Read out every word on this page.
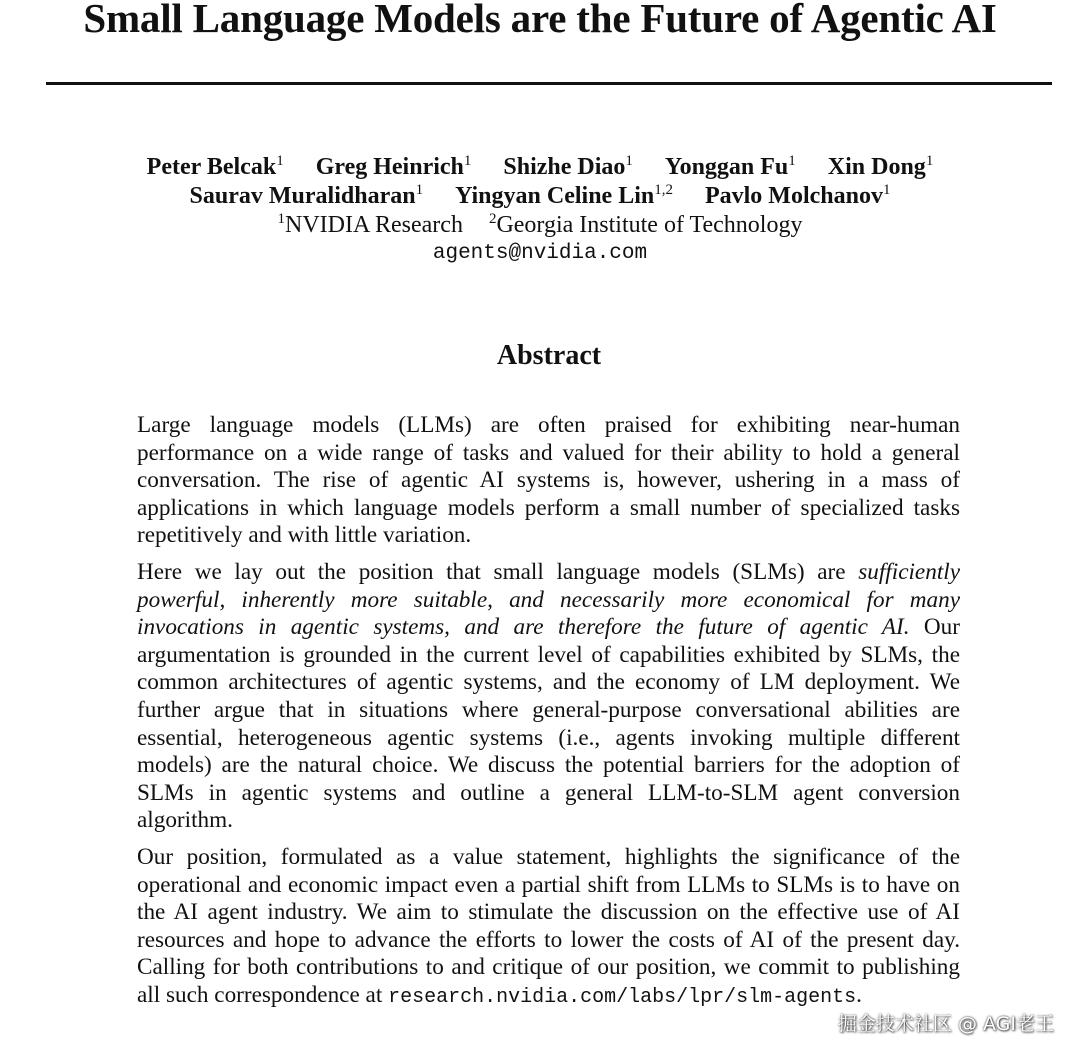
Small Language Models are the Future of Agentic AI
Peter Belcak$^1$ Greg Heinrich$^1$ Shizhe Diao$^1$ Yonggan Fu$^1$ Xin Dong$^1$
Saurav Muralidharan$^1$ Yingyan Celine Lin$^{1,2}$ Pavlo Molchanov$^1$
$^1$NVIDIA Research $^2$Georgia Institute of Technology
agents@nvidia.com
Abstract

Large language models (LLMs) are often praised for exhibiting near-human performance on a wide range of tasks and valued for their ability to hold a general conversation. The rise of agentic AI systems is, however, ushering in a mass of applications in which language models perform a small number of specialized tasks repetitively and with little variation.

Here we lay out the position that small language models (SLMs) are sufficiently powerful, inherently more suitable, and necessarily more economical for many invocations in agentic systems, and are therefore the future of agentic AI. Our argumentation is grounded in the current level of capabilities exhibited by SLMs, the common architectures of agentic systems, and the economy of LM deployment. We further argue that in situations where general-purpose conversational abilities are essential, heterogeneous agentic systems (i.e., agents invoking multiple different models) are the natural choice. We discuss the potential barriers for the adoption of SLMs in agentic systems and outline a general LLM-to-SLM agent conversion algorithm.

Our position, formulated as a value statement, highlights the significance of the operational and economic impact even a partial shift from LLMs to SLMs is to have on the AI agent industry. We aim to stimulate the discussion on the effective use of AI resources and hope to advance the efforts to lower the costs of AI of the present day. Calling for both contributions to and critique of our position, we commit to publishing all such correspondence at research.nvidia.com/labs/lpr/slm-agents.

掘金技术社区 @ AGI老王
